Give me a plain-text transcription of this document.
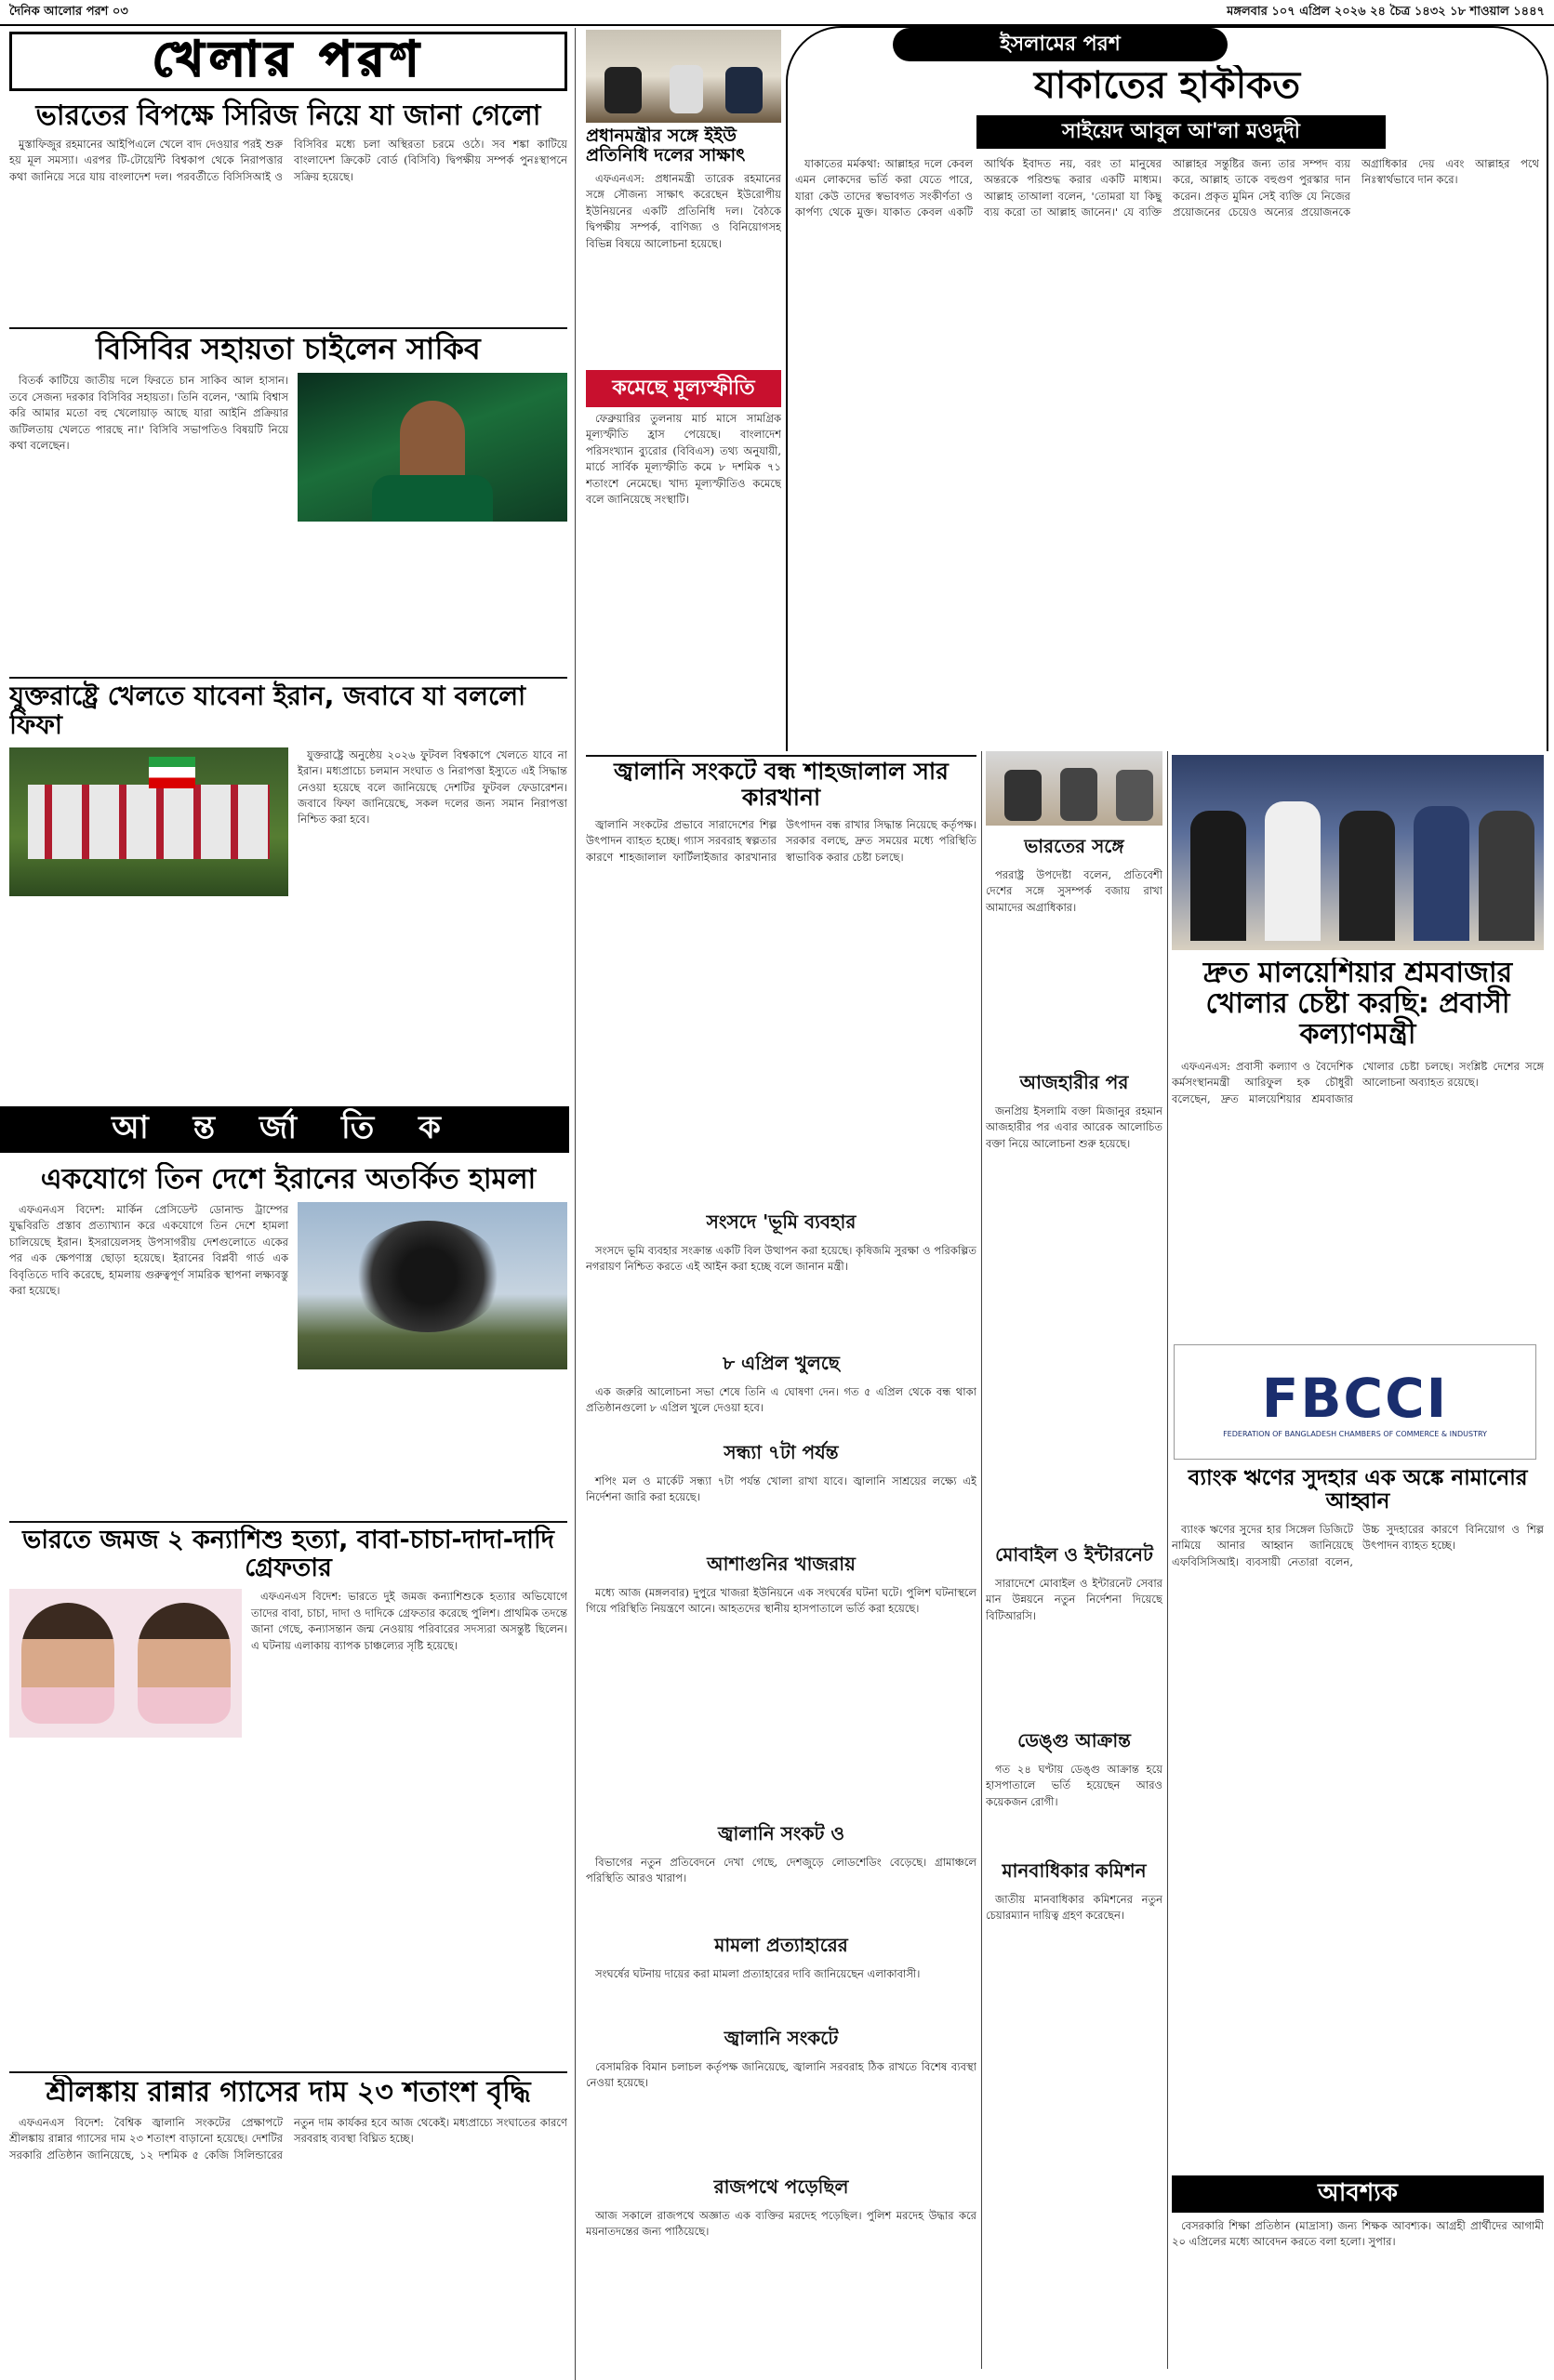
দৈনিক আলোর পরশ ০৩	মঙ্গলবার ১০৭ এপ্রিল ২০২৬ ২৪ চৈত্র ১৪৩২ ১৮ শাওয়াল ১৪৪৭
খেলার পরশ
ভারতের বিপক্ষে সিরিজ নিয়ে যা জানা গেলো

মুস্তাফিজুর রহমানের আইপিএলে খেলে বাদ দেওয়ার পরই শুরু হয় মূল সমস্যা। এরপর টি-টোয়েন্টি বিশ্বকাপ থেকে নিরাপত্তার কথা জানিয়ে সরে যায় বাংলাদেশ দল। পরবর্তীতে বিসিসিআই ও বিসিবির মধ্যে চলা অস্থিরতা চরমে ওঠে। সব শঙ্কা কাটিয়ে বাংলাদেশ ক্রিকেট বোর্ড (বিসিবি) দ্বিপক্ষীয় সম্পর্ক পুনঃস্থাপনে সক্রিয় হয়েছে।

বিসিবির সহায়তা চাইলেন সাকিব

বিতর্ক কাটিয়ে জাতীয় দলে ফিরতে চান সাকিব আল হাসান। তবে সেজন্য দরকার বিসিবির সহায়তা। তিনি বলেন, 'আমি বিশ্বাস করি আমার মতো বহু খেলোয়াড় আছে যারা আইনি প্রক্রিয়ার জটিলতায় খেলতে পারছে না।' বিসিবি সভাপতিও বিষয়টি নিয়ে কথা বলেছেন।

যুক্তরাষ্ট্রে খেলতে যাবেনা ইরান, জবাবে যা বললো ফিফা

যুক্তরাষ্ট্রে অনুষ্ঠেয় ২০২৬ ফুটবল বিশ্বকাপে খেলতে যাবে না ইরান। মধ্যপ্রাচ্যে চলমান সংঘাত ও নিরাপত্তা ইস্যুতে এই সিদ্ধান্ত নেওয়া হয়েছে বলে জানিয়েছে দেশটির ফুটবল ফেডারেশন। জবাবে ফিফা জানিয়েছে, সকল দলের জন্য সমান নিরাপত্তা নিশ্চিত করা হবে।

আ ন্ত র্জা তি ক
একযোগে তিন দেশে ইরানের অতর্কিত হামলা

এফএনএস বিদেশ: মার্কিন প্রেসিডেন্ট ডোনাল্ড ট্রাম্পের যুদ্ধবিরতি প্রস্তাব প্রত্যাখ্যান করে একযোগে তিন দেশে হামলা চালিয়েছে ইরান। ইসরায়েলসহ উপসাগরীয় দেশগুলোতে একের পর এক ক্ষেপণাস্ত্র ছোড়া হয়েছে। ইরানের বিপ্লবী গার্ড এক বিবৃতিতে দাবি করেছে, হামলায় গুরুত্বপূর্ণ সামরিক স্থাপনা লক্ষ্যবস্তু করা হয়েছে।

ভারতে জমজ ২ কন্যাশিশু হত্যা, বাবা-চাচা-দাদা-দাদি গ্রেফতার

এফএনএস বিদেশ: ভারতে দুই জমজ কন্যাশিশুকে হত্যার অভিযোগে তাদের বাবা, চাচা, দাদা ও দাদিকে গ্রেফতার করেছে পুলিশ। প্রাথমিক তদন্তে জানা গেছে, কন্যাসন্তান জন্ম নেওয়ায় পরিবারের সদস্যরা অসন্তুষ্ট ছিলেন। এ ঘটনায় এলাকায় ব্যাপক চাঞ্চল্যের সৃষ্টি হয়েছে।

শ্রীলঙ্কায় রান্নার গ্যাসের দাম ২৩ শতাংশ বৃদ্ধি

এফএনএস বিদেশ: বৈশ্বিক জ্বালানি সংকটের প্রেক্ষাপটে শ্রীলঙ্কায় রান্নার গ্যাসের দাম ২৩ শতাংশ বাড়ানো হয়েছে। দেশটির সরকারি প্রতিষ্ঠান জানিয়েছে, ১২ দশমিক ৫ কেজি সিলিন্ডারের নতুন দাম কার্যকর হবে আজ থেকেই। মধ্যপ্রাচ্যে সংঘাতের কারণে সরবরাহ ব্যবস্থা বিঘ্নিত হচ্ছে।

প্রধানমন্ত্রীর সঙ্গে ইইউ প্রতিনিধি দলের সাক্ষাৎ

এফএনএস: প্রধানমন্ত্রী তারেক রহমানের সঙ্গে সৌজন্য সাক্ষাৎ করেছেন ইউরোপীয় ইউনিয়নের একটি প্রতিনিধি দল। বৈঠকে দ্বিপক্ষীয় সম্পর্ক, বাণিজ্য ও বিনিয়োগসহ বিভিন্ন বিষয়ে আলোচনা হয়েছে।

কমেছে মূল্যস্ফীতি

ফেব্রুয়ারির তুলনায় মার্চ মাসে সামগ্রিক মূল্যস্ফীতি হ্রাস পেয়েছে। বাংলাদেশ পরিসংখ্যান ব্যুরোর (বিবিএস) তথ্য অনুযায়ী, মার্চে সার্বিক মূল্যস্ফীতি কমে ৮ দশমিক ৭১ শতাংশে নেমেছে। খাদ্য মূল্যস্ফীতিও কমেছে বলে জানিয়েছে সংস্থাটি।

ইসলামের পরশ
যাকাতের হাকীকত
সাইয়েদ আবুল আ'লা মওদুদী

যাকাতের মর্মকথা: আল্লাহর দলে কেবল এমন লোকদের ভর্তি করা যেতে পারে, যারা কেউ তাদের স্বভাবগত সংকীর্ণতা ও কার্পণ্য থেকে মুক্ত। যাকাত কেবল একটি আর্থিক ইবাদত নয়, বরং তা মানুষের অন্তরকে পরিশুদ্ধ করার একটি মাধ্যম। আল্লাহ তাআলা বলেন, 'তোমরা যা কিছু ব্যয় করো তা আল্লাহ জানেন।' যে ব্যক্তি আল্লাহর সন্তুষ্টির জন্য তার সম্পদ ব্যয় করে, আল্লাহ তাকে বহুগুণ পুরস্কার দান করেন। প্রকৃত মুমিন সেই ব্যক্তি যে নিজের প্রয়োজনের চেয়েও অন্যের প্রয়োজনকে অগ্রাধিকার দেয় এবং আল্লাহর পথে নিঃস্বার্থভাবে দান করে।

জ্বালানি সংকটে বন্ধ শাহজালাল সার কারখানা

জ্বালানি সংকটের প্রভাবে সারাদেশের শিল্প উৎপাদন ব্যাহত হচ্ছে। গ্যাস সরবরাহ স্বল্পতার কারণে শাহজালাল ফার্টিলাইজার কারখানার উৎপাদন বন্ধ রাখার সিদ্ধান্ত নিয়েছে কর্তৃপক্ষ। সরকার বলছে, দ্রুত সময়ের মধ্যে পরিস্থিতি স্বাভাবিক করার চেষ্টা চলছে।

সংসদে 'ভূমি ব্যবহার

সংসদে ভূমি ব্যবহার সংক্রান্ত একটি বিল উত্থাপন করা হয়েছে। কৃষিজমি সুরক্ষা ও পরিকল্পিত নগরায়ণ নিশ্চিত করতে এই আইন করা হচ্ছে বলে জানান মন্ত্রী।

৮ এপ্রিল খুলছে

এক জরুরি আলোচনা সভা শেষে তিনি এ ঘোষণা দেন। গত ৫ এপ্রিল থেকে বন্ধ থাকা প্রতিষ্ঠানগুলো ৮ এপ্রিল খুলে দেওয়া হবে।

সন্ধ্যা ৭টা পর্যন্ত

শপিং মল ও মার্কেট সন্ধ্যা ৭টা পর্যন্ত খোলা রাখা যাবে। জ্বালানি সাশ্রয়ের লক্ষ্যে এই নির্দেশনা জারি করা হয়েছে।

আশাগুনির খাজরায়

মধ্যে আজ (মঙ্গলবার) দুপুরে খাজরা ইউনিয়নে এক সংঘর্ষের ঘটনা ঘটে। পুলিশ ঘটনাস্থলে গিয়ে পরিস্থিতি নিয়ন্ত্রণে আনে। আহতদের স্থানীয় হাসপাতালে ভর্তি করা হয়েছে।

জ্বালানি সংকট ও

বিভাগের নতুন প্রতিবেদনে দেখা গেছে, দেশজুড়ে লোডশেডিং বেড়েছে। গ্রামাঞ্চলে পরিস্থিতি আরও খারাপ।

মামলা প্রত্যাহারের

সংঘর্ষের ঘটনায় দায়ের করা মামলা প্রত্যাহারের দাবি জানিয়েছেন এলাকাবাসী।

জ্বালানি সংকটে

বেসামরিক বিমান চলাচল কর্তৃপক্ষ জানিয়েছে, জ্বালানি সরবরাহ ঠিক রাখতে বিশেষ ব্যবস্থা নেওয়া হয়েছে।

রাজপথে পড়েছিল

আজ সকালে রাজপথে অজ্ঞাত এক ব্যক্তির মরদেহ পড়েছিল। পুলিশ মরদেহ উদ্ধার করে ময়নাতদন্তের জন্য পাঠিয়েছে।

ভারতের সঙ্গে

পররাষ্ট্র উপদেষ্টা বলেন, প্রতিবেশী দেশের সঙ্গে সুসম্পর্ক বজায় রাখা আমাদের অগ্রাধিকার।

আজহারীর পর

জনপ্রিয় ইসলামি বক্তা মিজানুর রহমান আজহারীর পর এবার আরেক আলোচিত বক্তা নিয়ে আলোচনা শুরু হয়েছে।

মোবাইল ও ইন্টারনেট

সারাদেশে মোবাইল ও ইন্টারনেট সেবার মান উন্নয়নে নতুন নির্দেশনা দিয়েছে বিটিআরসি।

ডেঙ্গু আক্রান্ত

গত ২৪ ঘণ্টায় ডেঙ্গু আক্রান্ত হয়ে হাসপাতালে ভর্তি হয়েছেন আরও কয়েকজন রোগী।

মানবাধিকার কমিশন

জাতীয় মানবাধিকার কমিশনের নতুন চেয়ারম্যান দায়িত্ব গ্রহণ করেছেন।

দ্রুত মালয়েশিয়ার শ্রমবাজার খোলার চেষ্টা করছি: প্রবাসী কল্যাণমন্ত্রী

এফএনএস: প্রবাসী কল্যাণ ও বৈদেশিক কর্মসংস্থানমন্ত্রী আরিফুল হক চৌধুরী বলেছেন, দ্রুত মালয়েশিয়ার শ্রমবাজার খোলার চেষ্টা চলছে। সংশ্লিষ্ট দেশের সঙ্গে আলোচনা অব্যাহত রয়েছে।

FBCCI
FEDERATION OF BANGLADESH CHAMBERS OF COMMERCE & INDUSTRY
ব্যাংক ঋণের সুদহার এক অঙ্কে নামানোর আহ্বান

ব্যাংক ঋণের সুদের হার সিঙ্গেল ডিজিটে নামিয়ে আনার আহ্বান জানিয়েছে এফবিসিসিআই। ব্যবসায়ী নেতারা বলেন, উচ্চ সুদহারের কারণে বিনিয়োগ ও শিল্প উৎপাদন ব্যাহত হচ্ছে।

আবশ্যক

বেসরকারি শিক্ষা প্রতিষ্ঠান (মাদ্রাসা) জন্য শিক্ষক আবশ্যক। আগ্রহী প্রার্থীদের আগামী ২০ এপ্রিলের মধ্যে আবেদন করতে বলা হলো। সুপার।
